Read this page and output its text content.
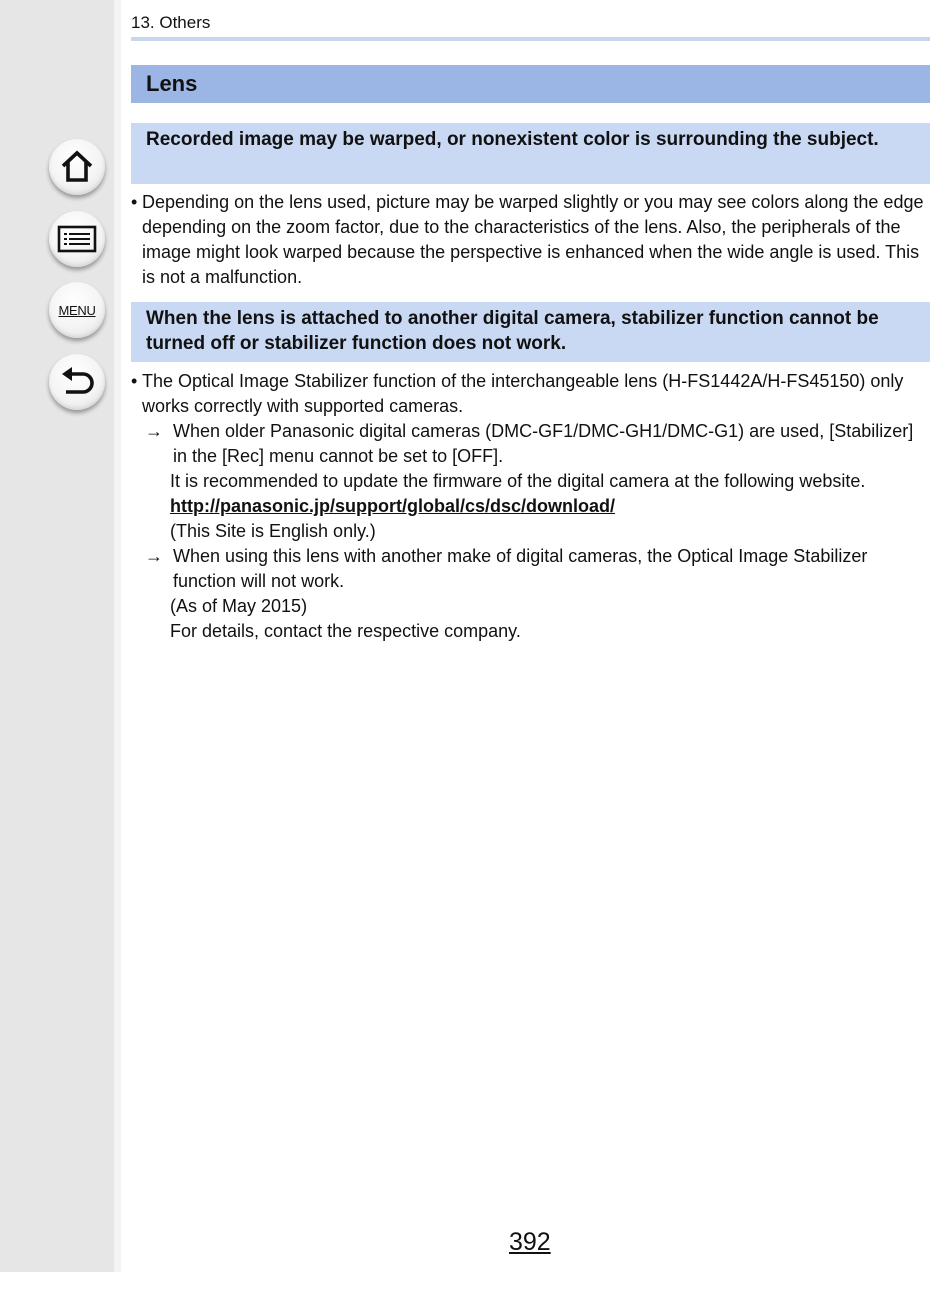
MENU
13. Others
Lens
Recorded image may be warped, or nonexistent color is surrounding the subject.
• Depending on the lens used, picture may be warped slightly or you may see colors along the edge depending on the zoom factor, due to the characteristics of the lens. Also, the peripherals of the image might look warped because the perspective is enhanced when the wide angle is used. This is not a malfunction.
When the lens is attached to another digital camera, stabilizer function cannot be turned off or stabilizer function does not work.
• The Optical Image Stabilizer function of the interchangeable lens (H-FS1442A/H-FS45150) only works correctly with supported cameras.
→ When older Panasonic digital cameras (DMC-GF1/DMC-GH1/DMC-G1) are used, [Stabilizer] in the [Rec] menu cannot be set to [OFF].
It is recommended to update the firmware of the digital camera at the following website.
http://panasonic.jp/support/global/cs/dsc/download/
(This Site is English only.)
→ When using this lens with another make of digital cameras, the Optical Image Stabilizer function will not work.
(As of May 2015)
For details, contact the respective company.
392
